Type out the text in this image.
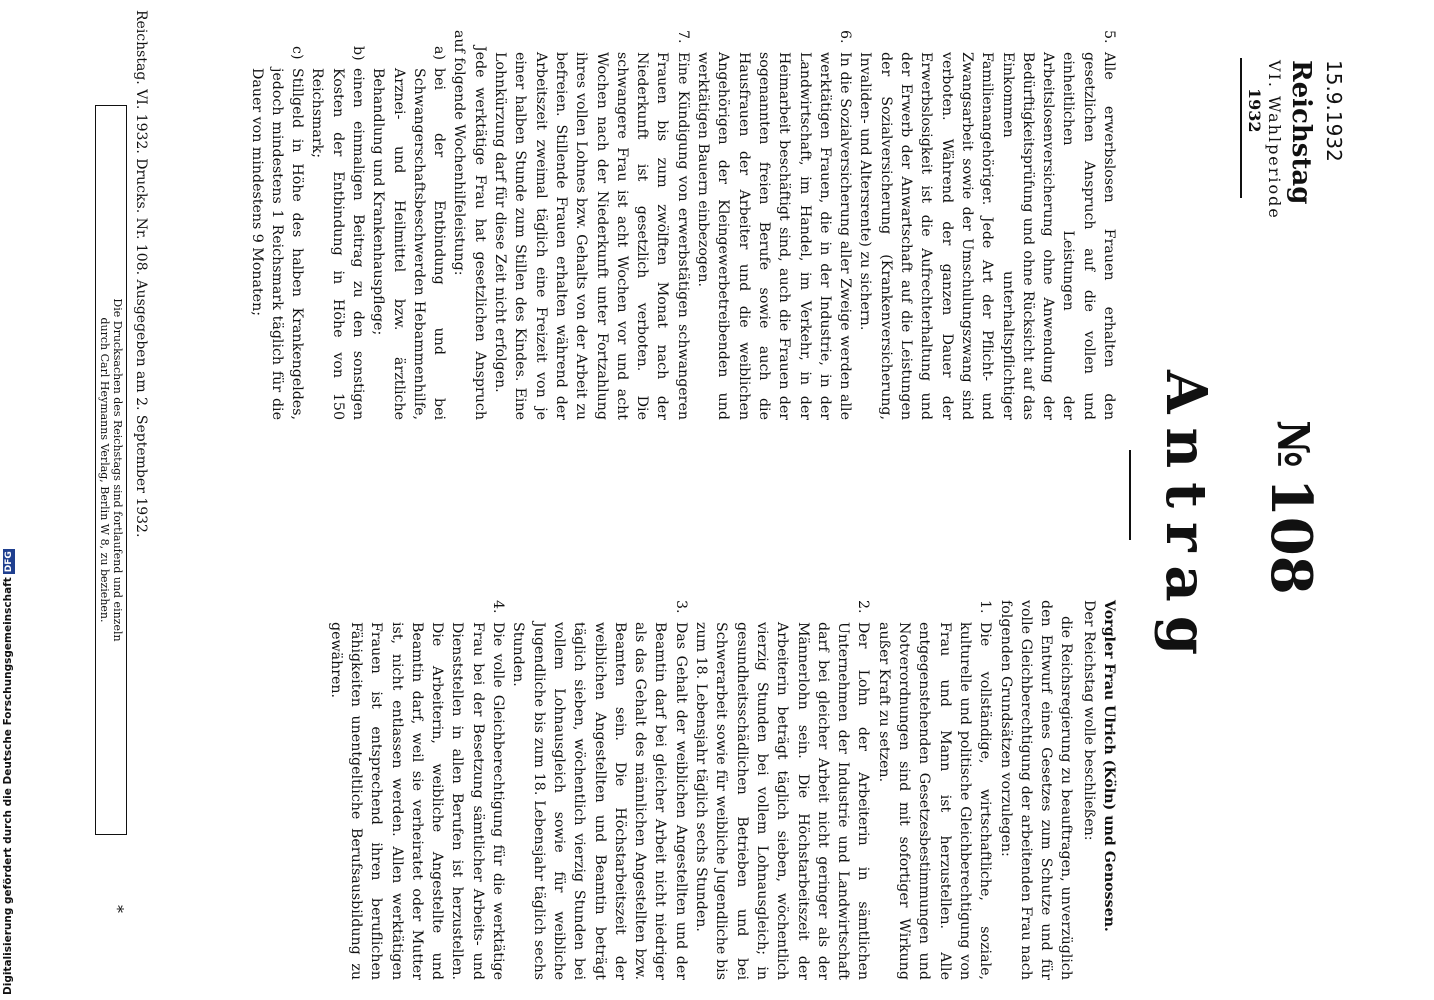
Digitalisierung gefördert durch die Deutsche ForschungsgemeinschaftDFG
15.9.1932
Reichstag
VI. Wahlperiode
1932
№108
Antrag

Vorgler Frau Ulrich (Köln) und Genossen.

Der Reichstag wolle beschließen:

die Reichsregierung zu beauftragen, unverzüglich den Entwurf eines Gesetzes zum Schutze und für volle Gleichberechtigung der arbeitenden Frau nach folgenden Grundsätzen vorzulegen:

1.
Die vollständige, wirtschaftliche, soziale, kulturelle und politische Gleichberechtigung von Frau und Mann ist herzustellen. Alle entgegenstehenden Gesetzesbestimmungen und Notverordnungen sind mit sofortiger Wirkung außer Kraft zu setzen.
2.
Der Lohn der Arbeiterin in sämtlichen Unternehmen der Industrie und Landwirtschaft darf bei gleicher Arbeit nicht geringer als der Männerlohn sein. Die Höchstarbeitszeit der Arbeiterin beträgt täglich sieben, wöchentlich vierzig Stunden bei vollem Lohnausgleich; in gesundheitsschädlichen Betrieben und bei Schwerarbeit sowie für weibliche Jugendliche bis zum 18. Lebensjahr täglich sechs Stunden.
3.
Das Gehalt der weiblichen Angestellten und der Beamtin darf bei gleicher Arbeit nicht niedriger als das Gehalt des männlichen Angestellten bzw. Beamten sein. Die Höchstarbeitszeit der weiblichen Angestellten und Beamtin beträgt täglich sieben, wöchentlich vierzig Stunden bei vollem Lohnausgleich sowie für weibliche Jugendliche bis zum 18. Lebensjahr täglich sechs Stunden.
4.
Die volle Gleichberechtigung für die werktätige Frau bei der Besetzung sämtlicher Arbeits- und Dienststellen in allen Berufen ist herzustellen. Die Arbeiterin, weibliche Angestellte und Beamtin darf, weil sie verheiratet oder Mutter ist, nicht entlassen werden. Allen werktätigen Frauen ist entsprechend ihren beruflichen Fähigkeiten unentgeltliche Berufsausbildung zu gewähren.
5.
Alle erwerbslosen Frauen erhalten den gesetzlichen Anspruch auf die vollen und einheitlichen Leistungen der Arbeitslosenversicherung ohne Anwendung der Bedürftigkeitsprüfung und ohne Rücksicht auf das Einkommen unterhaltspflichtiger Familienangehöriger. Jede Art der Pflicht- und Zwangsarbeit sowie der Umschulungszwang sind verboten. Während der ganzen Dauer der Erwerbslosigkeit ist die Aufrechterhaltung und der Erwerb der Anwartschaft auf die Leistungen der Sozialversicherung (Krankenversicherung, Invaliden- und Altersrente) zu sichern.
6.
In die Sozialversicherung aller Zweige werden alle werktätigen Frauen, die in der Industrie, in der Landwirtschaft, im Handel, im Verkehr, in der Heimarbeit beschäftigt sind, auch die Frauen der sogenannten freien Berufe sowie auch die Hausfrauen der Arbeiter und die weiblichen Angehörigen der Kleingewerbetreibenden und werktätigen Bauern einbezogen.
7.
Eine Kündigung von erwerbstätigen schwangeren Frauen bis zum zwölften Monat nach der Niederkunft ist gesetzlich verboten. Die schwangere Frau ist acht Wochen vor und acht Wochen nach der Niederkunft unter Fortzahlung ihres vollen Lohnes bzw. Gehalts von der Arbeit zu befreien. Stillende Frauen erhalten während der Arbeitszeit zweimal täglich eine Freizeit von je einer halben Stunde zum Stillen des Kindes. Eine Lohnkürzung darf für diese Zeit nicht erfolgen.

Jede werktätige Frau hat gesetzlichen Anspruch auf folgende Wochenhilfeleistung:

a)
bei der Entbindung und bei Schwangerschaftsbeschwerden Hebammenhilfe, Arznei- und Heilmittel bzw. ärztliche Behandlung und Krankenhauspflege;
b)
einen einmaligen Beitrag zu den sonstigen Kosten der Entbindung in Höhe von 150 Reichsmark;
c)
Stillgeld in Höhe des halben Krankengeldes, jedoch mindestens 1 Reichsmark täglich für die Dauer von mindestens 9 Monaten;
Reichstag. VI. 1932. Drucks. Nr. 108. Ausgegeben am 2. September 1932.
Die Drucksachen des Reichstags sind fortlaufend und einzeln
durch Carl Heymanns Verlag, Berlin W 8, zu beziehen.
*
